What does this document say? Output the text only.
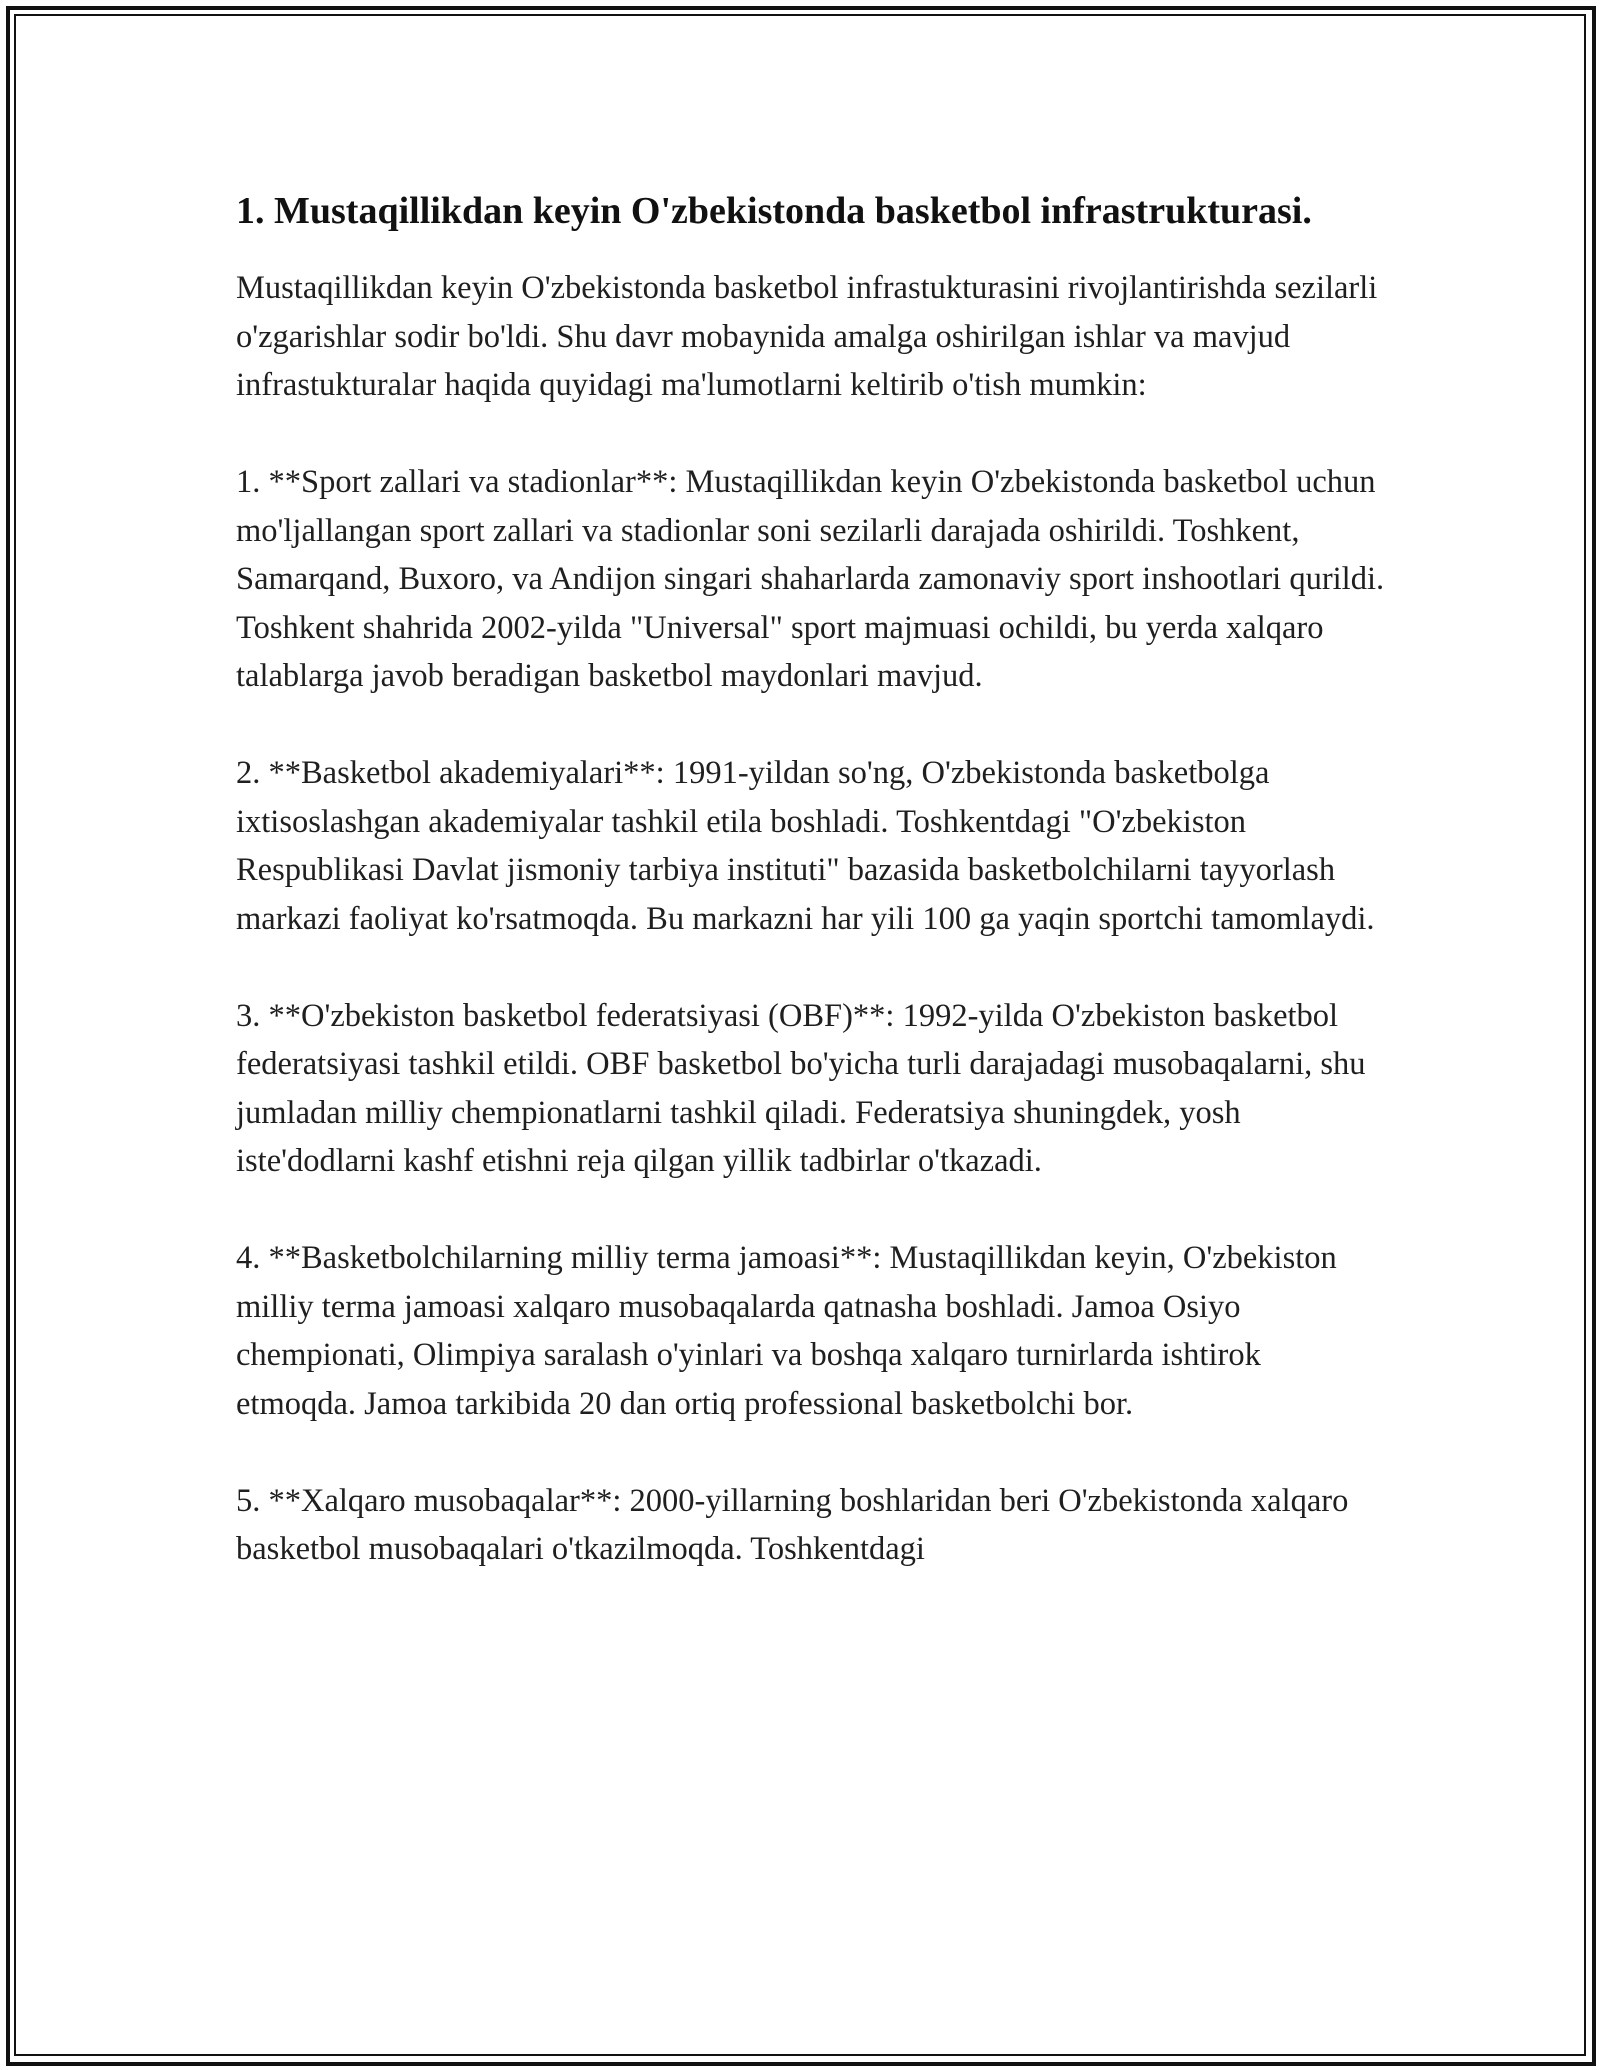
1. Mustaqillikdan keyin O'zbekistonda basketbol infrastrukturasi.

Mustaqillikdan keyin O'zbekistonda basketbol infrastukturasini rivojlantirishda sezilarli o'zgarishlar sodir bo'ldi. Shu davr mobaynida amalga oshirilgan ishlar va mavjud infrastukturalar haqida quyidagi ma'lumotlarni keltirib o'tish mumkin:

1. **Sport zallari va stadionlar**: Mustaqillikdan keyin O'zbekistonda basketbol uchun mo'ljallangan sport zallari va stadionlar soni sezilarli darajada oshirildi. Toshkent, Samarqand, Buxoro, va Andijon singari shaharlarda zamonaviy sport inshootlari qurildi. Toshkent shahrida 2002-yilda "Universal" sport majmuasi ochildi, bu yerda xalqaro talablarga javob beradigan basketbol maydonlari mavjud.

2. **Basketbol akademiyalari**: 1991-yildan so'ng, O'zbekistonda basketbolga ixtisoslashgan akademiyalar tashkil etila boshladi. Toshkentdagi "O'zbekiston Respublikasi Davlat jismoniy tarbiya instituti" bazasida basketbolchilarni tayyorlash markazi faoliyat ko'rsatmoqda. Bu markazni har yili 100 ga yaqin sportchi tamomlaydi.

3. **O'zbekiston basketbol federatsiyasi (OBF)**: 1992-yilda O'zbekiston basketbol federatsiyasi tashkil etildi. OBF basketbol bo'yicha turli darajadagi musobaqalarni, shu jumladan milliy chempionatlarni tashkil qiladi. Federatsiya shuningdek, yosh iste'dodlarni kashf etishni reja qilgan yillik tadbirlar o'tkazadi.

4. **Basketbolchilarning milliy terma jamoasi**: Mustaqillikdan keyin, O'zbekiston milliy terma jamoasi xalqaro musobaqalarda qatnasha boshladi. Jamoa Osiyo chempionati, Olimpiya saralash o'yinlari va boshqa xalqaro turnirlarda ishtirok etmoqda. Jamoa tarkibida 20 dan ortiq professional basketbolchi bor.

5. **Xalqaro musobaqalar**: 2000-yillarning boshlaridan beri O'zbekistonda xalqaro basketbol musobaqalari o'tkazilmoqda. Toshkentdagi
